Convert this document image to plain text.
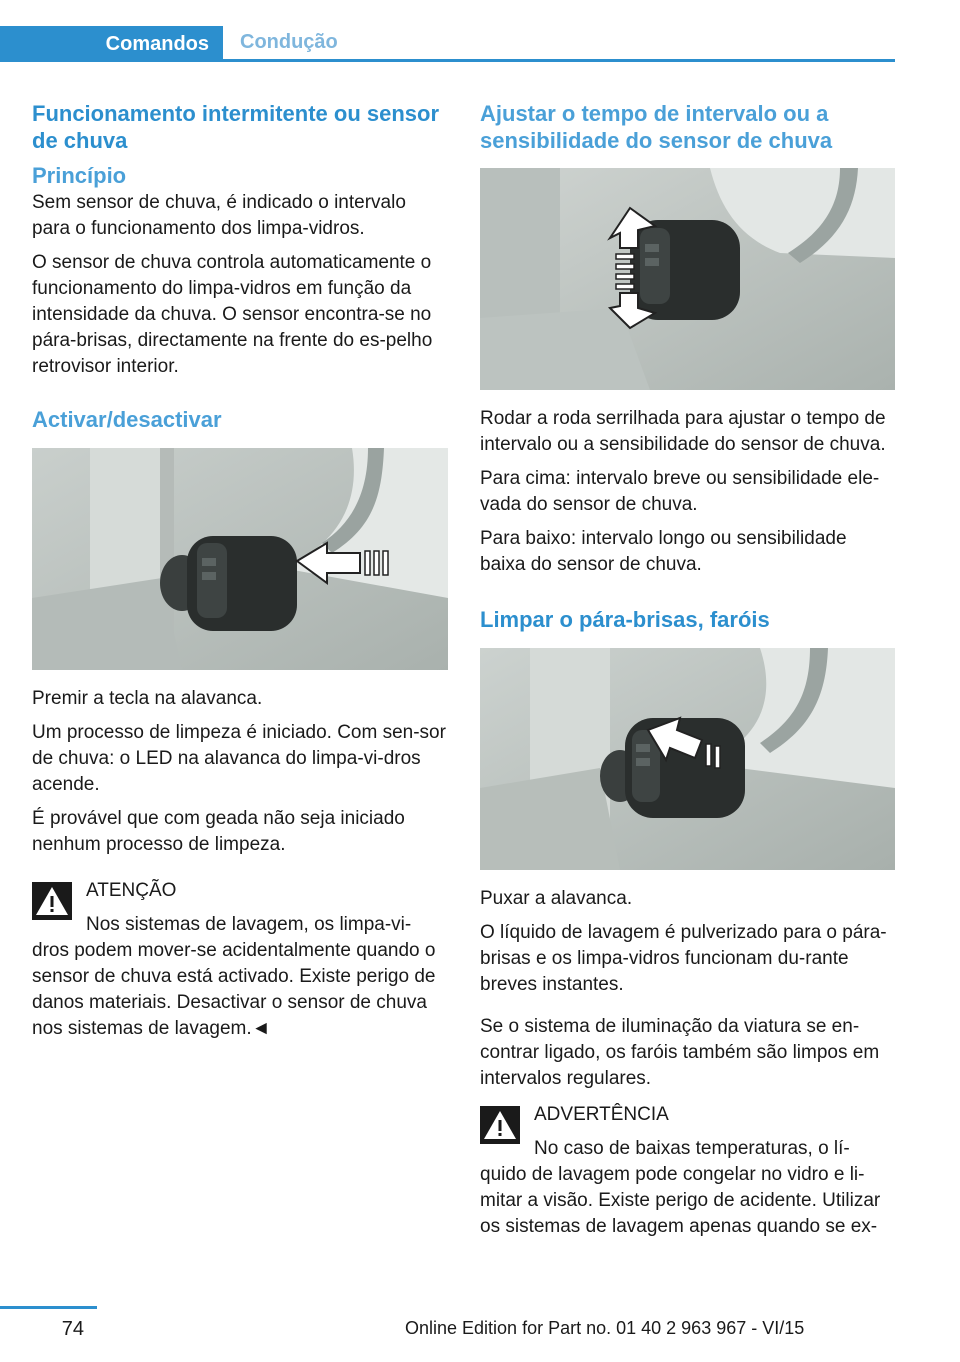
Comandos	Condução
Funcionamento intermitente ou sensor de chuva
Princípio

Sem sensor de chuva, é indicado o intervalo para o funcionamento dos limpa-vidros.

O sensor de chuva controla automaticamente o funcionamento do limpa-vidros em função da intensidade da chuva. O sensor encontra-se no pára-brisas, directamente na frente do es‐pelho retrovisor interior.

Activar/desactivar

Premir a tecla na alavanca.

Um processo de limpeza é iniciado. Com sen‐sor de chuva: o LED na alavanca do limpa-vi‐dros acende.

É provável que com geada não seja iniciado nenhum processo de limpeza.

ATENÇÃO

Nos sistemas de lavagem, os limpa-vi‐dros podem mover-se acidentalmente quando o sensor de chuva está activado. Existe perigo de danos materiais. Desactivar o sensor de chuva nos sistemas de lavagem.◄

Ajustar o tempo de intervalo ou a sensibilidade do sensor de chuva

Rodar a roda serrilhada para ajustar o tempo de intervalo ou a sensibilidade do sensor de chuva.

Para cima: intervalo breve ou sensibilidade ele‐vada do sensor de chuva.

Para baixo: intervalo longo ou sensibilidade baixa do sensor de chuva.

Limpar o pára-brisas, faróis

Puxar a alavanca.

O líquido de lavagem é pulverizado para o pára-brisas e os limpa-vidros funcionam du‐rante breves instantes.

Se o sistema de iluminação da viatura se en‐contrar ligado, os faróis também são limpos em intervalos regulares.

ADVERTÊNCIA

No caso de baixas temperaturas, o lí‐quido de lavagem pode congelar no vidro e li‐mitar a visão. Existe perigo de acidente. Utilizar os sistemas de lavagem apenas quando se ex‐

74	Online Edition for Part no. 01 40 2 963 967 - VI/15
